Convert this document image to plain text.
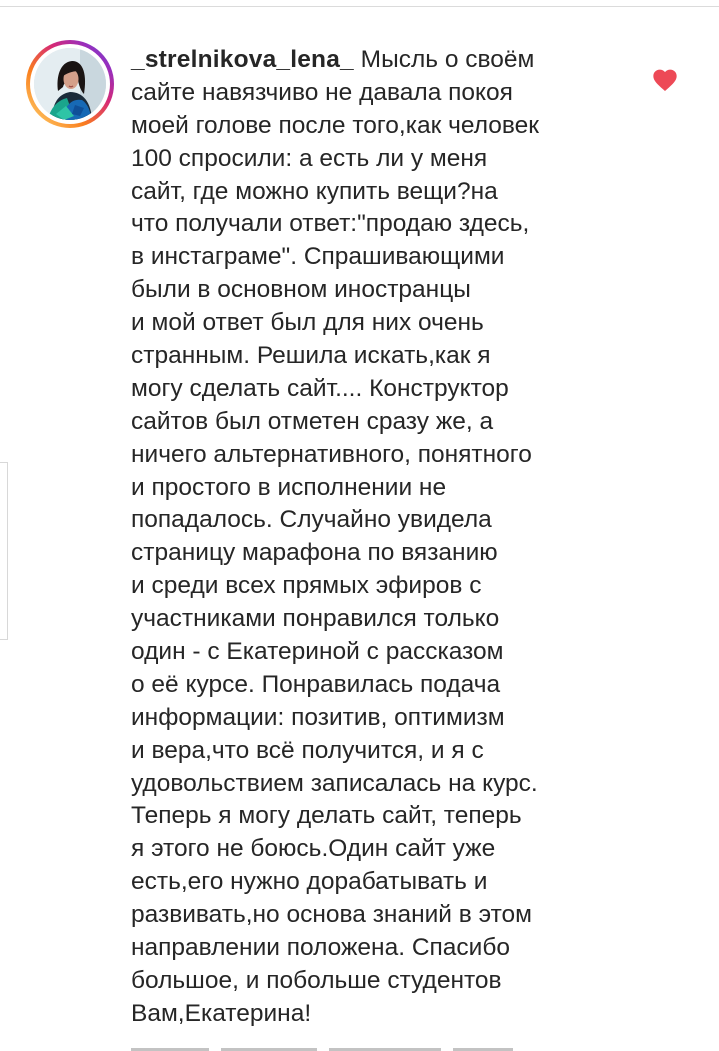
_strelnikova_lena_ Мысль о своём
сайте навязчиво не давала покоя
моей голове после того,как человек
100 спросили: а есть ли у меня
сайт, где можно купить вещи?на
что получали ответ:"продаю здесь,
в инстаграме". Спрашивающими
были в основном иностранцы
и мой ответ был для них очень
странным. Решила искать,как я
могу сделать сайт.... Конструктор
сайтов был отметен сразу же, а
ничего альтернативного, понятного
и простого в исполнении не
попадалось. Случайно увидела
страницу марафона по вязанию
и среди всех прямых эфиров с
участниками понравился только
один - с Екатериной с рассказом
о её курсе. Понравилась подача
информации: позитив, оптимизм
и вера,что всё получится, и я с
удовольствием записалась на курс.
Теперь я могу делать сайт, теперь
я этого не боюсь.Один сайт уже
есть,его нужно дорабатывать и
развивать,но основа знаний в этом
направлении положена. Спасибо
большое, и побольше студентов
Вам,Екатерина!
